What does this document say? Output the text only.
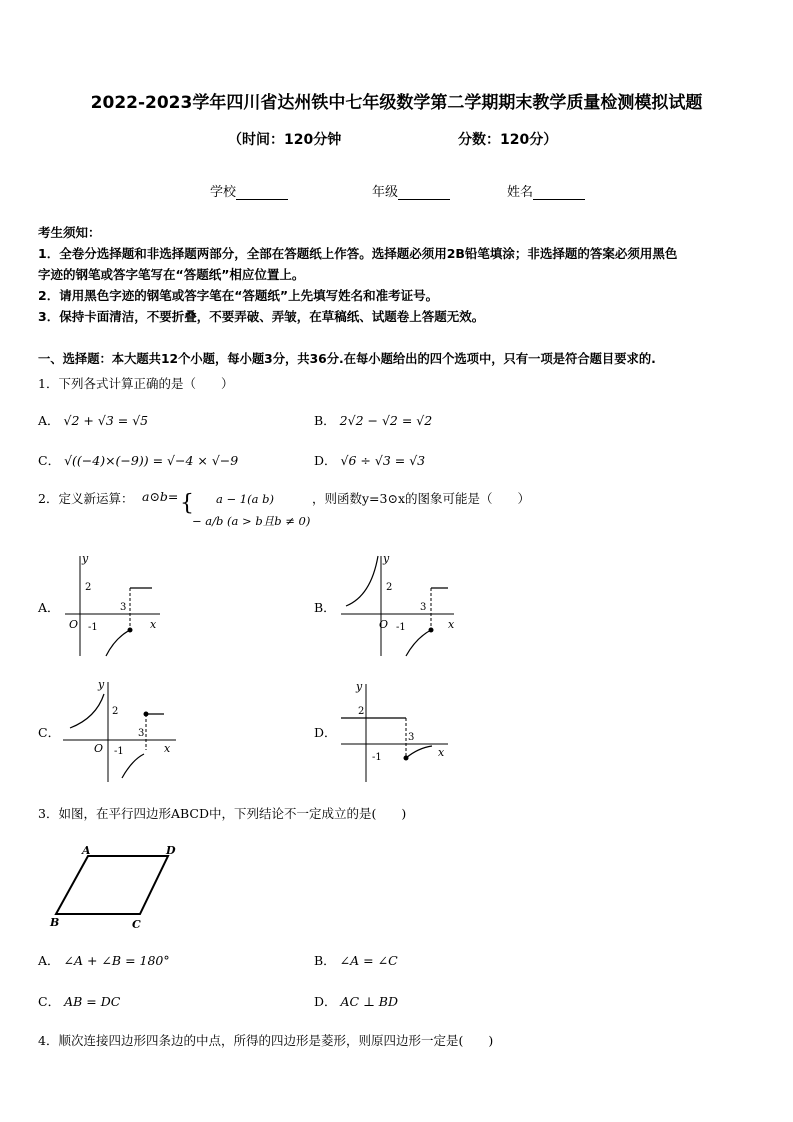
2022-2023学年四川省达州铁中七年级数学第二学期期末教学质量检测模拟试题
（时间：120分钟	分数：120分）
学校	年级	姓名
考生须知：
1．全卷分选择题和非选择题两部分，全部在答题纸上作答。选择题必须用2B铅笔填涂；非选择题的答案必须用黑色
字迹的钢笔或答字笔写在“答题纸”相应位置上。
2．请用黑色字迹的钢笔或答字笔在“答题纸”上先填写姓名和准考证号。
3．保持卡面清洁，不要折叠，不要弄破、弄皱，在草稿纸、试题卷上答题无效。
一、选择题：本大题共12个小题，每小题3分，共36分.在每小题给出的四个选项中，只有一项是符合题目要求的.
1．下列各式计算正确的是（　　）
A． √2 + √3 = √5	B． 2√2 − √2 = √2
C． √((−4)×(−9)) = √−4 × √−9	D． √6 ÷ √3 = √3
2．定义新运算： a⊙b= { a − 1(a b)
− a/b (a > b且b ≠ 0)
，则函数y=3⊙x的图象可能是（　　）
A．	B．
C．	D．
y
x
O
2
3
-1
y
x
O
2
3
-1
y
x
O
2
3
-1
y
x
2
3
-1
3．如图，在平行四边形ABCD中，下列结论不一定成立的是(　　)
A	D
B	C
A． ∠A + ∠B = 180°	B． ∠A = ∠C
C． AB = DC	D． AC ⊥ BD
4．顺次连接四边形四条边的中点，所得的四边形是菱形，则原四边形一定是(　　)
